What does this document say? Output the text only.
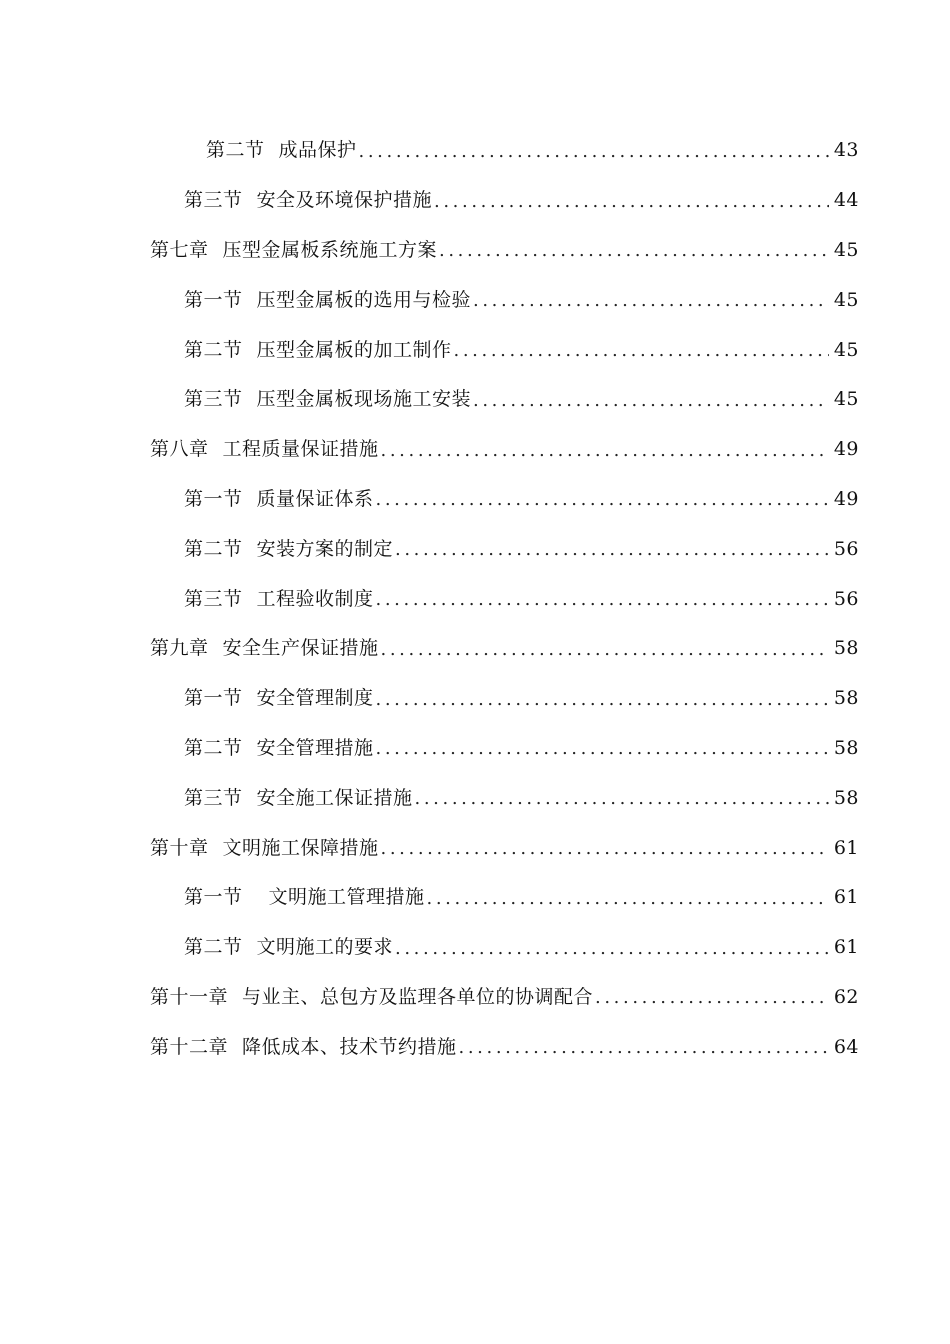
第二节 成品保护 .....	43
第三节 安全及环境保护措施 .....	44
第七章 压型金属板系统施工方案 .....	45
第一节 压型金属板的选用与检验 .....	45
第二节 压型金属板的加工制作 .....	45
第三节 压型金属板现场施工安装 .....	45
第八章 工程质量保证措施 .....	49
第一节 质量保证体系 .....	49
第二节 安装方案的制定 .....	56
第三节 工程验收制度 .....	56
第九章 安全生产保证措施 .....	58
第一节 安全管理制度 .....	58
第二节 安全管理措施 .....	58
第三节 安全施工保证措施 .....	58
第十章 文明施工保障措施 .....	61
第一节 文明施工管理措施 .....	61
第二节 文明施工的要求 .....	61
第十一章 与业主、总包方及监理各单位的协调配合 .....	62
第十二章 降低成本、技术节约措施 .....	64
